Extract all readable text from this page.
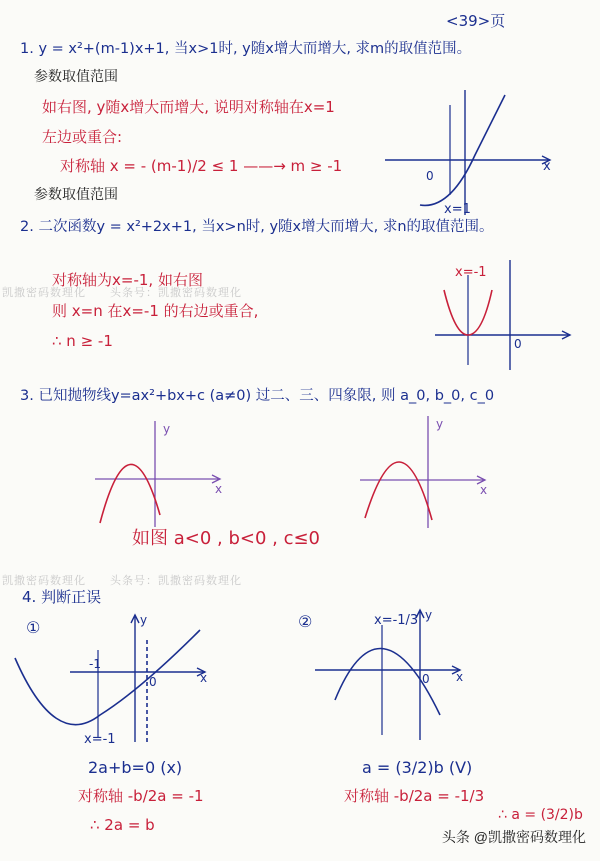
<39>页
1. y = x²+(m-1)x+1, 当x>1时, y随x增大而增大, 求m的取值范围。
参数取值范围
如右图, y随x增大而增大, 说明对称轴在x=1
左边或重合:
对称轴 x = - (m-1)/2 ≤ 1 ——→ m ≥ -1	x
0
x=1
参数取值范围
2. 二次函数y = x²+2x+1, 当x>n时, y随x增大而增大, 求n的取值范围。
对称轴为x=-1, 如右图
则 x=n 在x=-1 的右边或重合,
∴ n ≥ -1	0
x=-1
凯撒密码数理化　　头条号：凯撒密码数理化
3. 已知抛物线y=ax²+bx+c (a≠0) 过二、三、四象限, 则 a_0, b_0, c_0
x
y
x
y
如图 a<0 , b<0 , c≤0
凯撒密码数理化　　头条号：凯撒密码数理化
4. 判断正误
①
-1
0	x
y
x=-1
②
0 x
y
x=-1/3
2a+b=0 (x)
对称轴 -b/2a = -1
∴ 2a = b
a = (3/2)b (V)
对称轴 -b/2a = -1/3
∴ a = (3/2)b
头条 @凯撒密码数理化
